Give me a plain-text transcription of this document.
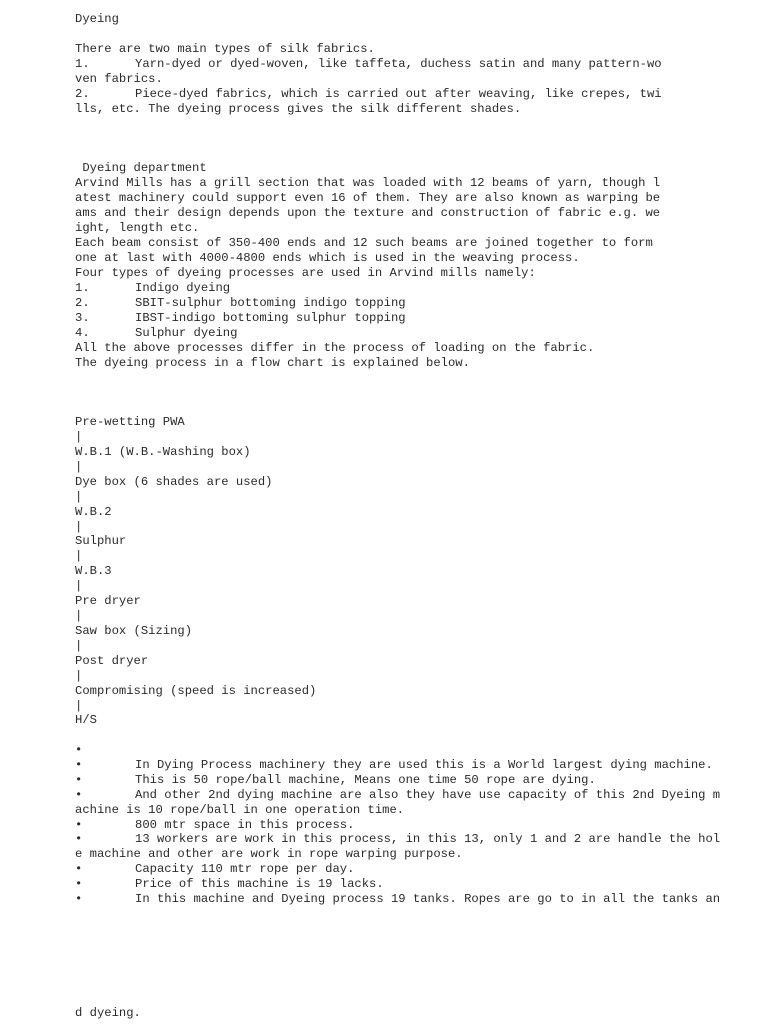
Dyeing
There are two main types of silk fabrics.
1.	Yarn-dyed or dyed-woven, like taffeta, duchess satin and many pattern-wo
ven fabrics.
2.	Piece-dyed fabrics, which is carried out after weaving, like crepes, twi
lls, etc. The dyeing process gives the silk different shades.
Dyeing department
Arvind Mills has a grill section that was loaded with 12 beams of yarn, though l
atest machinery could support even 16 of them. They are also known as warping be
ams and their design depends upon the texture and construction of fabric e.g. we
ight, length etc.
Each beam consist of 350-400 ends and 12 such beams are joined together to form
one at last with 4000-4800 ends which is used in the weaving process.
Four types of dyeing processes are used in Arvind mills namely:
1.	Indigo dyeing
2.	SBIT-sulphur bottoming indigo topping
3.	IBST-indigo bottoming sulphur topping
4.	Sulphur dyeing
All the above processes differ in the process of loading on the fabric.
The dyeing process in a flow chart is explained below.
Pre-wetting PWA
|
W.B.1 (W.B.-Washing box)
|
Dye box (6 shades are used)
|
W.B.2
|
Sulphur
|
W.B.3
|
Pre dryer
|
Saw box (Sizing)
|
Post dryer
|
Compromising (speed is increased)
|
H/S
•
•	In Dying Process machinery they are used this is a World largest dying machine.
•	This is 50 rope/ball machine, Means one time 50 rope are dying.
•	And other 2nd dying machine are also they have use capacity of this 2nd Dyeing m
achine is 10 rope/ball in one operation time.
•	800 mtr space in this process.
•	13 workers are work in this process, in this 13, only 1 and 2 are handle the hol
e machine and other are work in rope warping purpose.
•	Capacity 110 mtr rope per day.
•	Price of this machine is 19 lacks.
•	In this machine and Dyeing process 19 tanks. Ropes are go to in all the tanks an
d dyeing.
